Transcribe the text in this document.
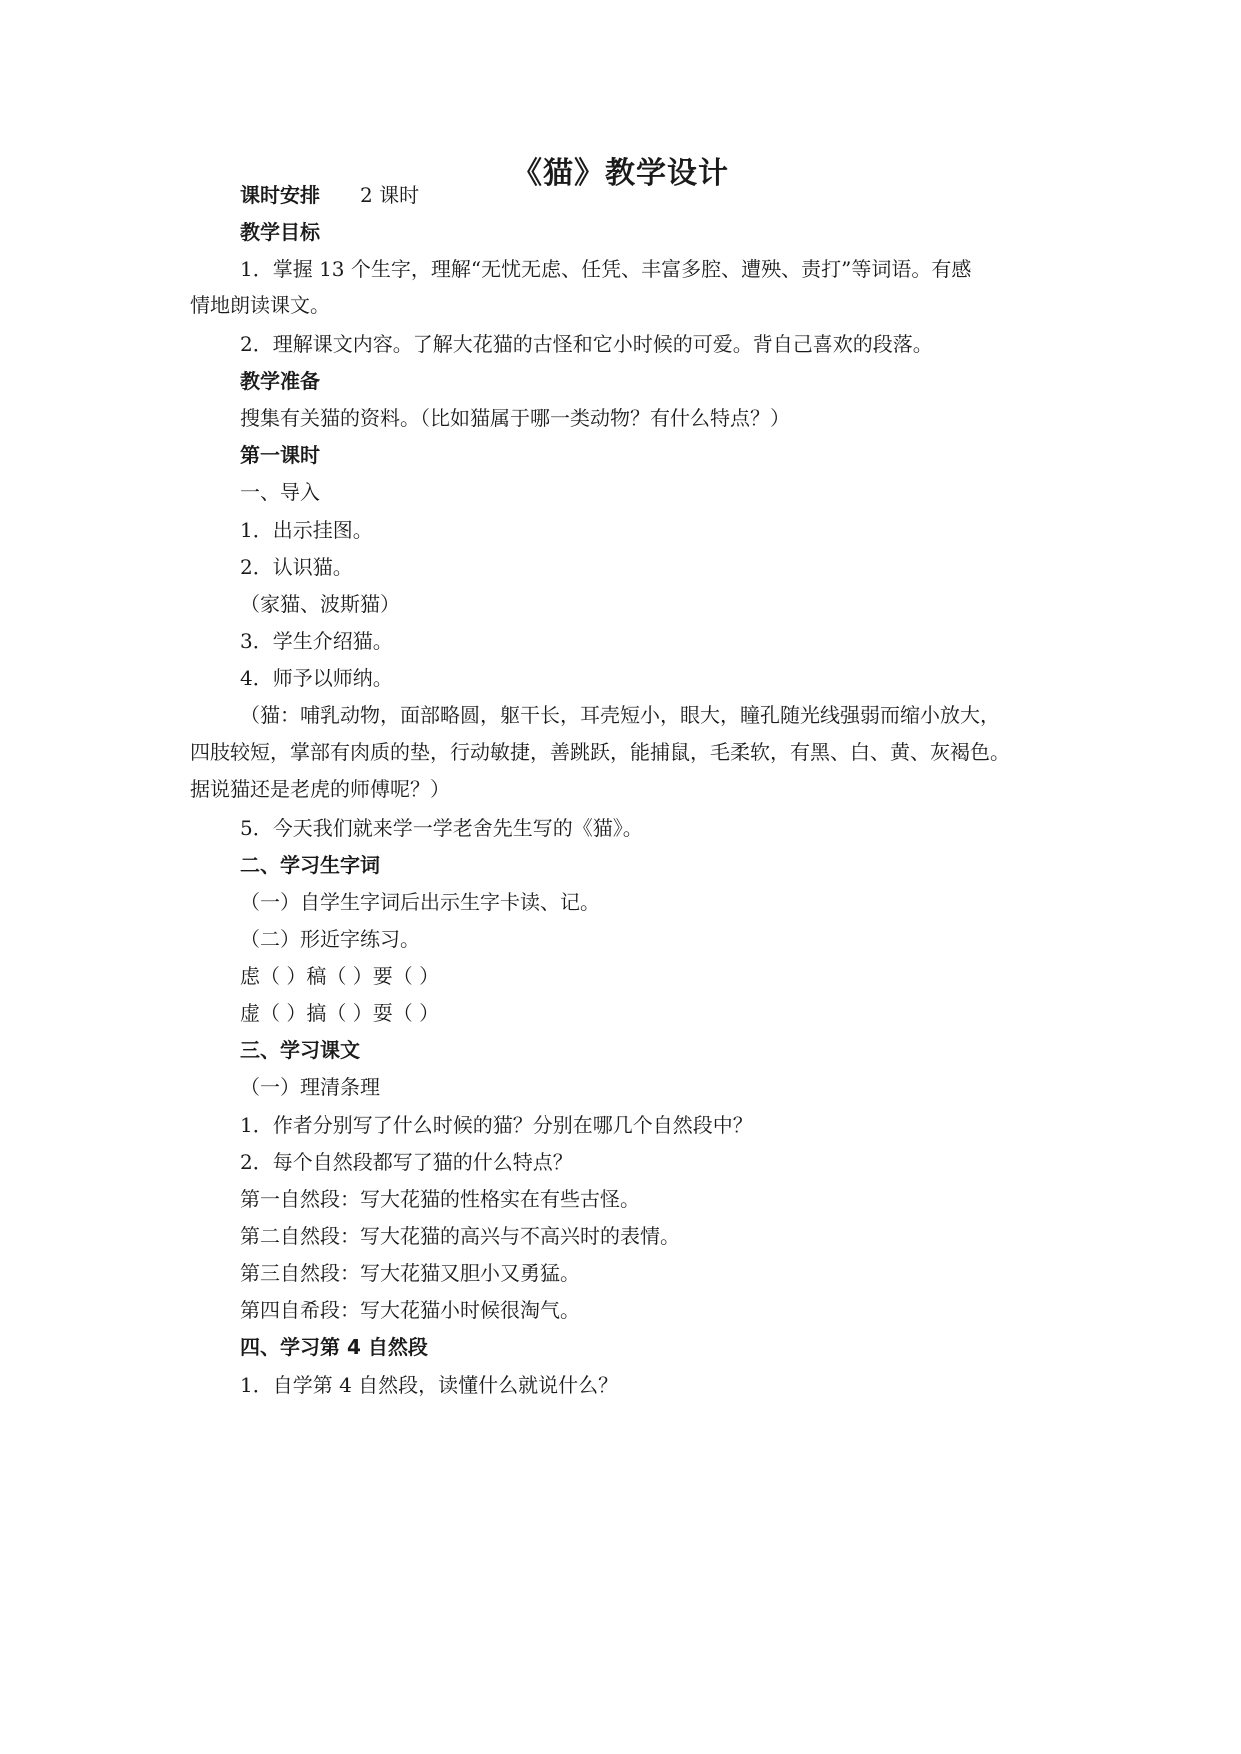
《猫》教学设计
课时安排 2 课时
教学目标
1．掌握 13 个生字，理解“无忧无虑、任凭、丰富多腔、遭殃、责打”等词语。有感
情地朗读课文。
2．理解课文内容。了解大花猫的古怪和它小时候的可爱。背自己喜欢的段落。
教学准备
搜集有关猫的资料。（比如猫属于哪一类动物？有什么特点？）
第一课时
一、导入
1．出示挂图。
2．认识猫。
（家猫、波斯猫）
3．学生介绍猫。
4．师予以师纳。
（猫：哺乳动物，面部略圆，躯干长，耳壳短小，眼大，瞳孔随光线强弱而缩小放大，
四肢较短，掌部有肉质的垫，行动敏捷，善跳跃，能捕鼠，毛柔软，有黑、白、黄、灰褐色。
据说猫还是老虎的师傅呢？）
5．今天我们就来学一学老舍先生写的《猫》。
二、学习生字词
（一）自学生字词后出示生字卡读、记。
（二）形近字练习。
虑（ ）稿（ ）要（ ）
虚（ ）搞（ ）耍（ ）
三、学习课文
（一）理清条理
1．作者分别写了什么时候的猫？分别在哪几个自然段中？
2．每个自然段都写了猫的什么特点？
第一自然段：写大花猫的性格实在有些古怪。
第二自然段：写大花猫的高兴与不高兴时的表情。
第三自然段：写大花猫又胆小又勇猛。
第四自希段：写大花猫小时候很淘气。
四、学习第 4 自然段
1．自学第 4 自然段，读懂什么就说什么？
